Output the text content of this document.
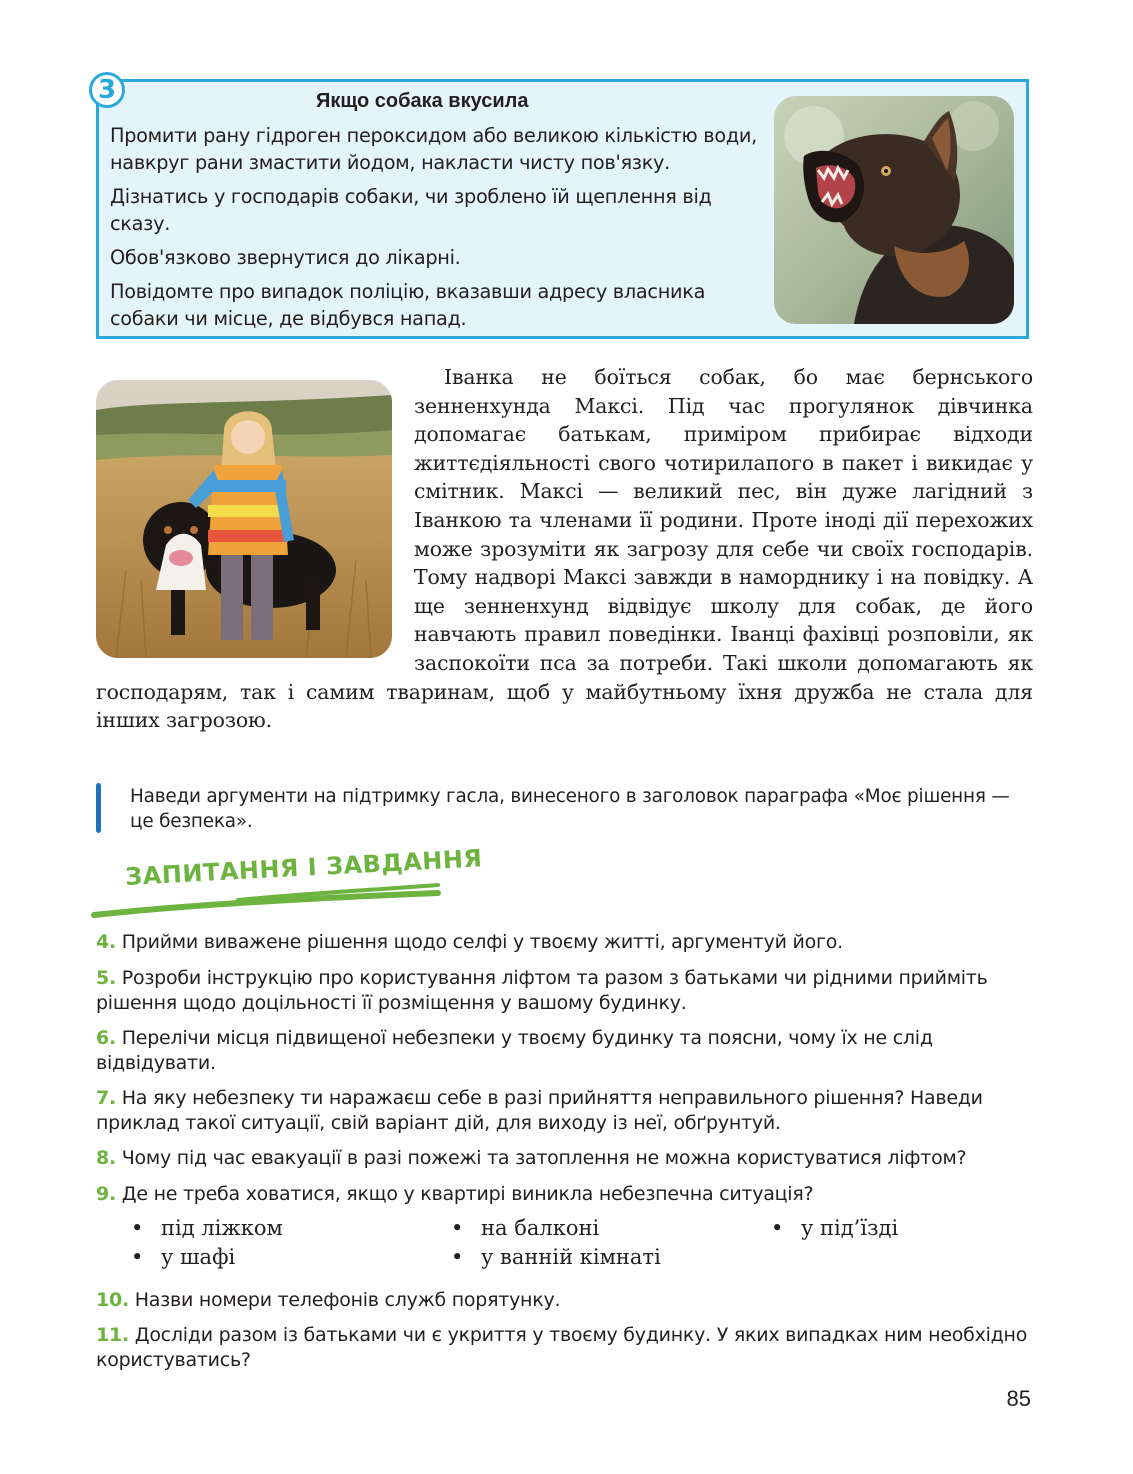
3	Якщо собака вкусила

Промити рану гідроген пероксидом або великою кількістю води, навкруг рани змастити йодом, накласти чисту пов'язку.

Дізнатись у господарів собаки, чи зроблено їй щеплення від сказу.

Обов'язково звернутися до лікарні.

Повідомте про випадок поліцію, вказавши адресу власника собаки чи місце, де відбувся напад.

Іванка не боїться собак, бо має бернського зенненхунда Максі. Під час прогулянок дівчинка допомагає батькам, приміром прибирає відходи життєдіяльності свого чотирилапого в пакет і викидає у смітник. Максі — великий пес, він дуже лагідний з Іванкою та членами її родини. Проте іноді дії перехожих може зрозуміти як загрозу для себе чи своїх господарів. Тому надворі Максі завжди в наморднику і на повідку. А ще зенненхунд відвідує школу для собак, де його навчають правил поведінки. Іванці фахівці розповіли, як заспокоїти пса за потреби. Такі школи допомагають як господарям, так і самим тваринам, щоб у майбутньому їхня дружба не стала для інших загрозою.

Наведи аргументи на підтримку гасла, винесеного в заголовок параграфа «Моє рішення — це безпека».
ЗАПИТАННЯ І ЗАВДАННЯ
4. Прийми виважене рішення щодо селфі у твоєму житті, аргументуй його.
5. Розроби інструкцію про користування ліфтом та разом з батьками чи рідними прийміть рішення щодо доцільності її розміщення у вашому будинку.
6. Перелічи місця підвищеної небезпеки у твоєму будинку та поясни, чому їх не слід відвідувати.
7. На яку небезпеку ти наражаєш себе в разі прийняття неправильного рішення? Наведи приклад такої ситуації, свій варіант дій, для виходу із неї, обґрунтуй.
8. Чому під час евакуації в разі пожежі та затоплення не можна користуватися ліфтом?
9. Де не треба ховатися, якщо у квартирі виникла небезпечна ситуація?
• під ліжком	• на балконі	• у під’їзді
• у шафі	• у ванній кімнаті
10. Назви номери телефонів служб порятунку.
11. Досліди разом із батьками чи є укриття у твоєму будинку. У яких випадках ним необхідно користуватись?
85
